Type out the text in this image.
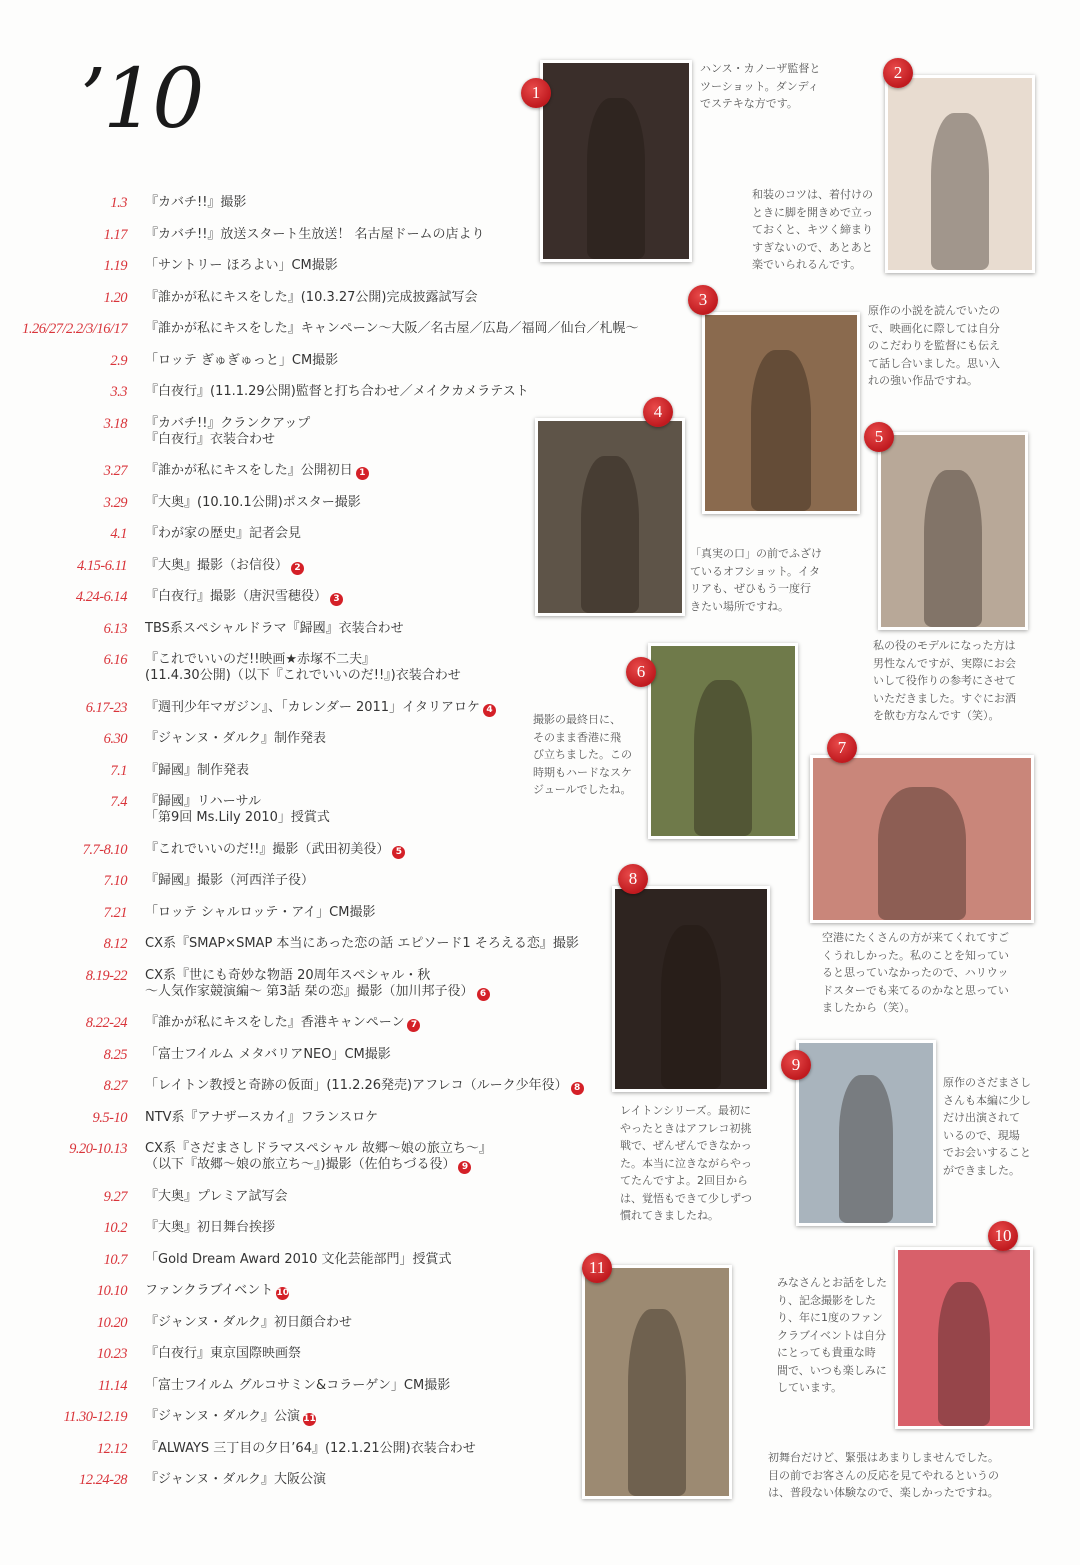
’10
1.3 『カバチ!!』撮影
1.17 『カバチ!!』放送スタート生放送！ 名古屋ドームの店より
1.19 「サントリー ほろよい」CM撮影
1.20 『誰かが私にキスをした』(10.3.27公開)完成披露試写会
1.26/27/2.2/3/16/17 『誰かが私にキスをした』キャンペーン〜大阪／名古屋／広島／福岡／仙台／札幌〜
2.9 「ロッテ ぎゅぎゅっと」CM撮影
3.3 『白夜行』(11.1.29公開)監督と打ち合わせ／メイクカメラテスト
3.18 『カバチ!!』クランクアップ
『白夜行』衣装合わせ
3.27 『誰かが私にキスをした』公開初日 1
3.29 『大奥』(10.10.1公開)ポスター撮影
4.1 『わが家の歴史』記者会見
4.15-6.11 『大奥』撮影（お信役） 2
4.24-6.14 『白夜行』撮影（唐沢雪穂役） 3
6.13 TBS系スペシャルドラマ『歸國』衣装合わせ
6.16 『これでいいのだ!!映画★赤塚不二夫』
(11.4.30公開)（以下『これでいいのだ!!』)衣装合わせ
6.17-23 『週刊少年マガジン』、「カレンダー 2011」イタリアロケ 4
6.30 『ジャンヌ・ダルク』制作発表
7.1 『歸國』制作発表
7.4 『歸國』リハーサル
「第9回 Ms.Lily 2010」授賞式
7.7-8.10 『これでいいのだ!!』撮影（武田初美役） 5
7.10 『歸國』撮影（河西洋子役）
7.21 「ロッテ シャルロッテ・アイ」CM撮影
8.12 CX系『SMAP×SMAP 本当にあった恋の話 エピソード1 そろえる恋』撮影
8.19-22 CX系『世にも奇妙な物語 20周年スペシャル・秋
〜人気作家競演編〜 第3話 栞の恋』撮影（加川邦子役） 6
8.22-24 『誰かが私にキスをした』香港キャンペーン 7
8.25 「富士フイルム メタバリアNEO」CM撮影
8.27 「レイトン教授と奇跡の仮面」(11.2.26発売)アフレコ（ルーク少年役） 8
9.5-10 NTV系『アナザースカイ』フランスロケ
9.20-10.13 CX系『さだまさしドラマスペシャル 故郷〜娘の旅立ち〜』
（以下『故郷〜娘の旅立ち〜』)撮影（佐伯ちづる役） 9
9.27 『大奥』プレミア試写会
10.2 『大奥』初日舞台挨拶
10.7 「Gold Dream Award 2010 文化芸能部門」授賞式
10.10 ファンクラブイベント 10
10.20 『ジャンヌ・ダルク』初日顔合わせ
10.23 『白夜行』東京国際映画祭
11.14 「富士フイルム グルコサミン&コラーゲン」CM撮影
11.30-12.19 『ジャンヌ・ダルク』公演 11
12.12 『ALWAYS 三丁目の夕日’64』(12.1.21公開)衣装合わせ
12.24-28 『ジャンヌ・ダルク』大阪公演
1
ハンス・カノーザ監督と
ツーショット。ダンディ
でステキな方です。
2
和装のコツは、着付けの
ときに脚を開きめで立っ
ておくと、キツく締まり
すぎないので、あとあと
楽でいられるんです。
3
原作の小説を読んでいたの
で、映画化に際しては自分
のこだわりを監督にも伝え
て話し合いました。思い入
れの強い作品ですね。
4
「真実の口」の前でふざけ
ているオフショット。イタ
リアも、ぜひもう一度行
きたい場所ですね。
5
私の役のモデルになった方は
男性なんですが、実際にお会
いして役作りの参考にさせて
いただきました。すぐにお酒
を飲む方なんです（笑）。
6
撮影の最終日に、
そのまま香港に飛
び立ちました。この
時期もハードなスケ
ジュールでしたね。
7
空港にたくさんの方が来てくれてすご
くうれしかった。私のことを知ってい
ると思っていなかったので、ハリウッ
ドスターでも来てるのかなと思ってい
ましたから（笑）。
8
レイトンシリーズ。最初に
やったときはアフレコ初挑
戦で、ぜんぜんできなかっ
た。本当に泣きながらやっ
てたんですよ。2回目から
は、覚悟もできて少しずつ
慣れてきましたね。
9
原作のさだまさし
さんも本編に少し
だけ出演されて
いるので、現場
でお会いすること
ができました。
10
みなさんとお話をした
り、記念撮影をした
り、年に1度のファン
クラブイベントは自分
にとっても貴重な時
間で、いつも楽しみに
しています。
11
初舞台だけど、緊張はあまりしませんでした。
目の前でお客さんの反応を見てやれるというの
は、普段ない体験なので、楽しかったですね。
